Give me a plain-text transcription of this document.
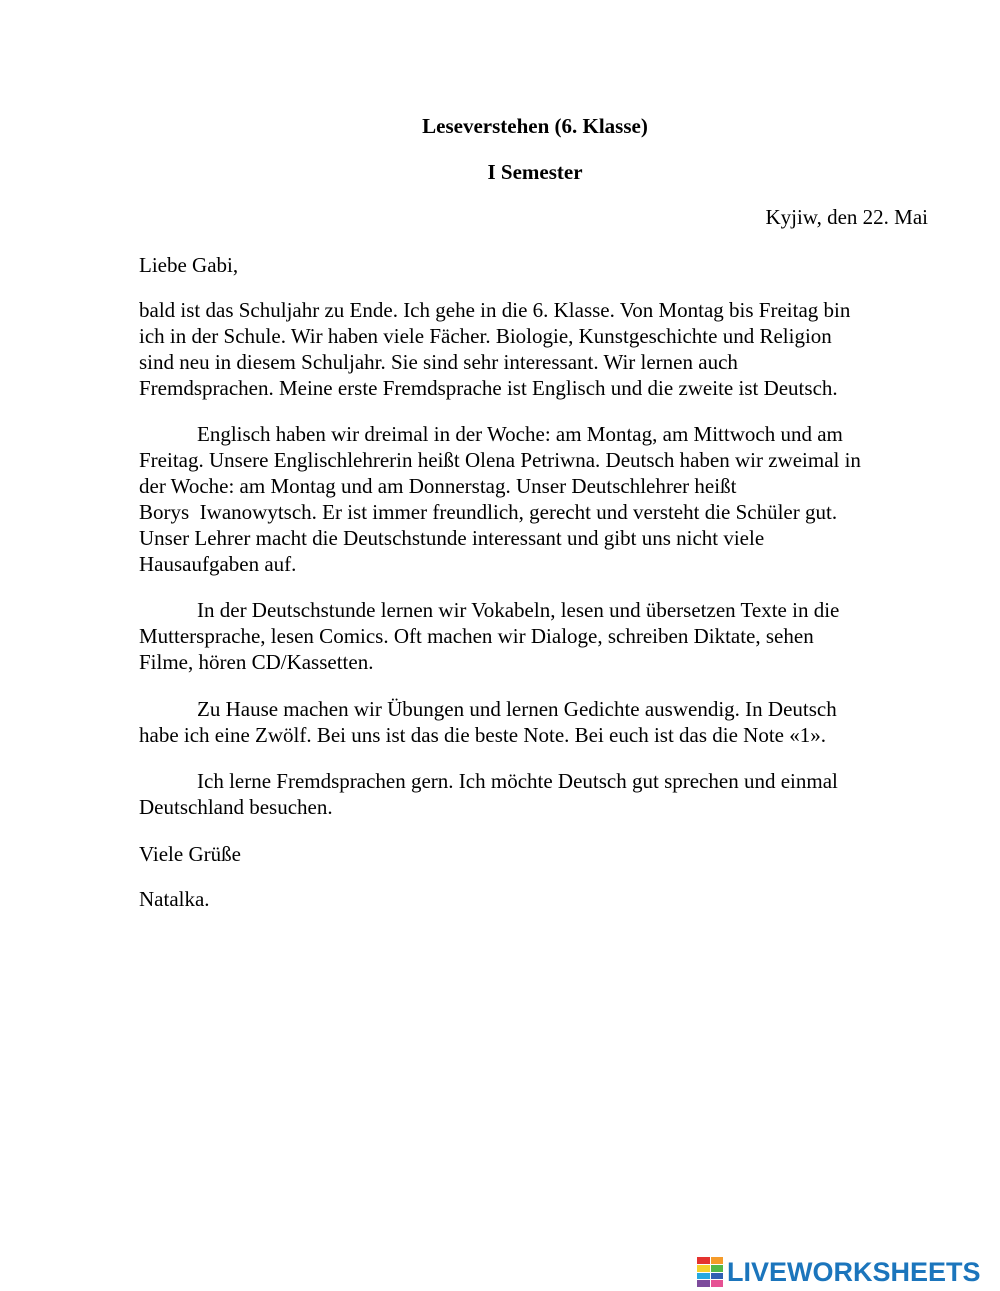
Leseverstehen (6. Klasse)
I Semester
Kyjiw, den 22. Mai
Liebe Gabi,
bald ist das Schuljahr zu Ende. Ich gehe in die 6. Klasse. Von Montag bis Freitag bin
ich in der Schule. Wir haben viele Fächer. Biologie, Kunstgeschichte und Religion
sind neu in diesem Schuljahr. Sie sind sehr interessant. Wir lernen auch
Fremdsprachen. Meine erste Fremdsprache ist Englisch und die zweite ist Deutsch.
Englisch haben wir dreimal in der Woche: am Montag, am Mittwoch und am
Freitag. Unsere Englischlehrerin heißt Olena Petriwna. Deutsch haben wir zweimal in
der Woche: am Montag und am Donnerstag. Unser Deutschlehrer heißt
Borys  Iwanowytsch. Er ist immer freundlich, gerecht und versteht die Schüler gut.
Unser Lehrer macht die Deutschstunde interessant und gibt uns nicht viele
Hausaufgaben auf.
In der Deutschstunde lernen wir Vokabeln, lesen und übersetzen Texte in die
Muttersprache, lesen Comics. Oft machen wir Dialoge, schreiben Diktate, sehen
Filme, hören CD/Kassetten.
Zu Hause machen wir Übungen und lernen Gedichte auswendig. In Deutsch
habe ich eine Zwölf. Bei uns ist das die beste Note. Bei euch ist das die Note «1».
Ich lerne Fremdsprachen gern. Ich möchte Deutsch gut sprechen und einmal
Deutschland besuchen.
Viele Grüße
Natalka.
LIVEWORKSHEETS
